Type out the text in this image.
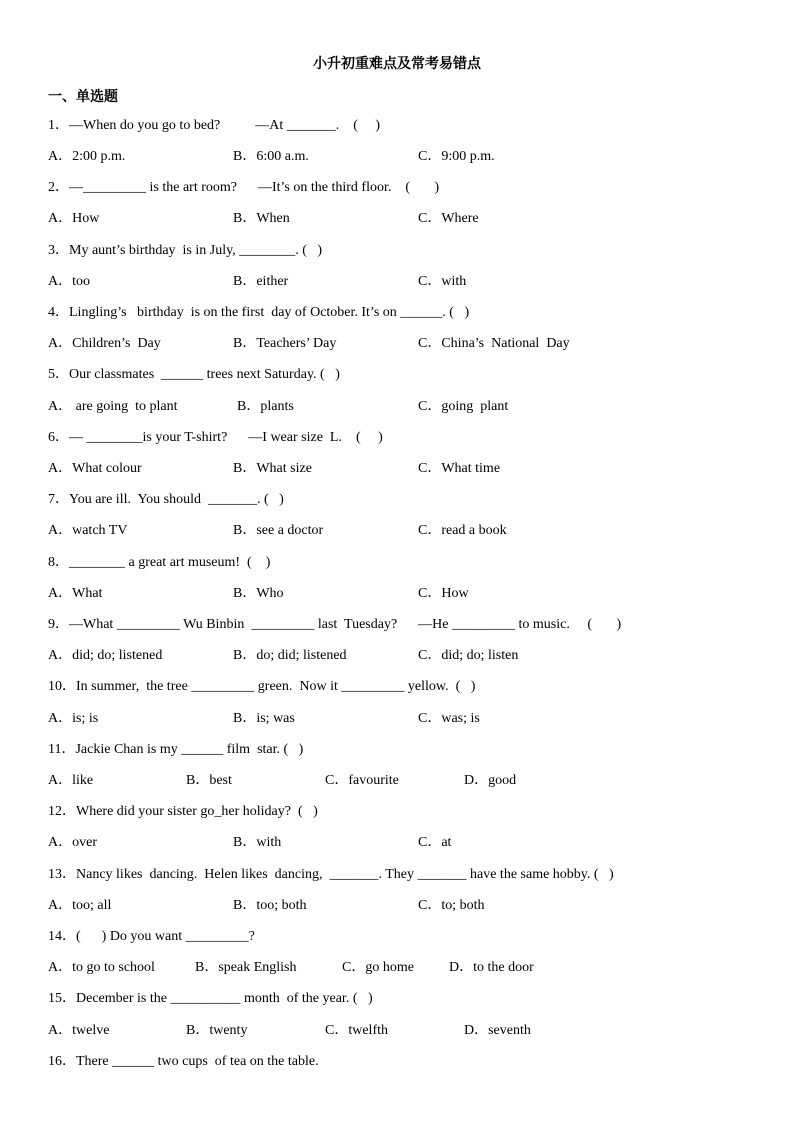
小升初重难点及常考易错点
一、单选题
1．—When do you go to bed?          —At _______.    (     )
A．2:00 p.m.	B．6:00 a.m.	C．9:00 p.m.
2．—_________ is the art room?      —It’s on the third floor.    (       )
A．How	B．When	C．Where
3．My aunt’s birthday  is in July, ________. (   )
A．too	B．either	C．with
4．Lingling’s   birthday  is on the first  day of October. It’s on ______. (   )
A．Children’s  Day	B．Teachers’ Day	C．China’s  National  Day
5．Our classmates  ______ trees next Saturday. (   )
A． are going  to plant	B．plants	C．going  plant
6．— ________is your T-shirt?      —I wear size  L.    (     )
A．What colour	B．What size	C．What time
7．You are ill.  You should  _______. (   )
A．watch TV	B．see a doctor	C．read a book
8．________ a great art museum!  (    )
A．What	B．Who	C．How
9．—What _________ Wu Binbin  _________ last  Tuesday?      —He _________ to music.     (       )
A．did; do; listened	B．do; did; listened	C．did; do; listen
10．In summer,  the tree _________ green.  Now it _________ yellow.  (   )
A．is; is	B．is; was	C．was; is
11．Jackie Chan is my ______ film  star. (   )
A．like	B．best	C．favourite	D．good
12．Where did your sister go_her holiday?  (   )
A．over	B．with	C．at
13．Nancy likes  dancing.  Helen likes  dancing,  _______. They _______ have the same hobby. (   )
A．too; all	B．too; both	C．to; both
14．(      ) Do you want _________?
A．to go to school	B．speak English	C．go home	D．to the door
15．December is the __________ month  of the year. (   )
A．twelve	B．twenty	C．twelfth	D．seventh
16．There ______ two cups  of tea on the table.
